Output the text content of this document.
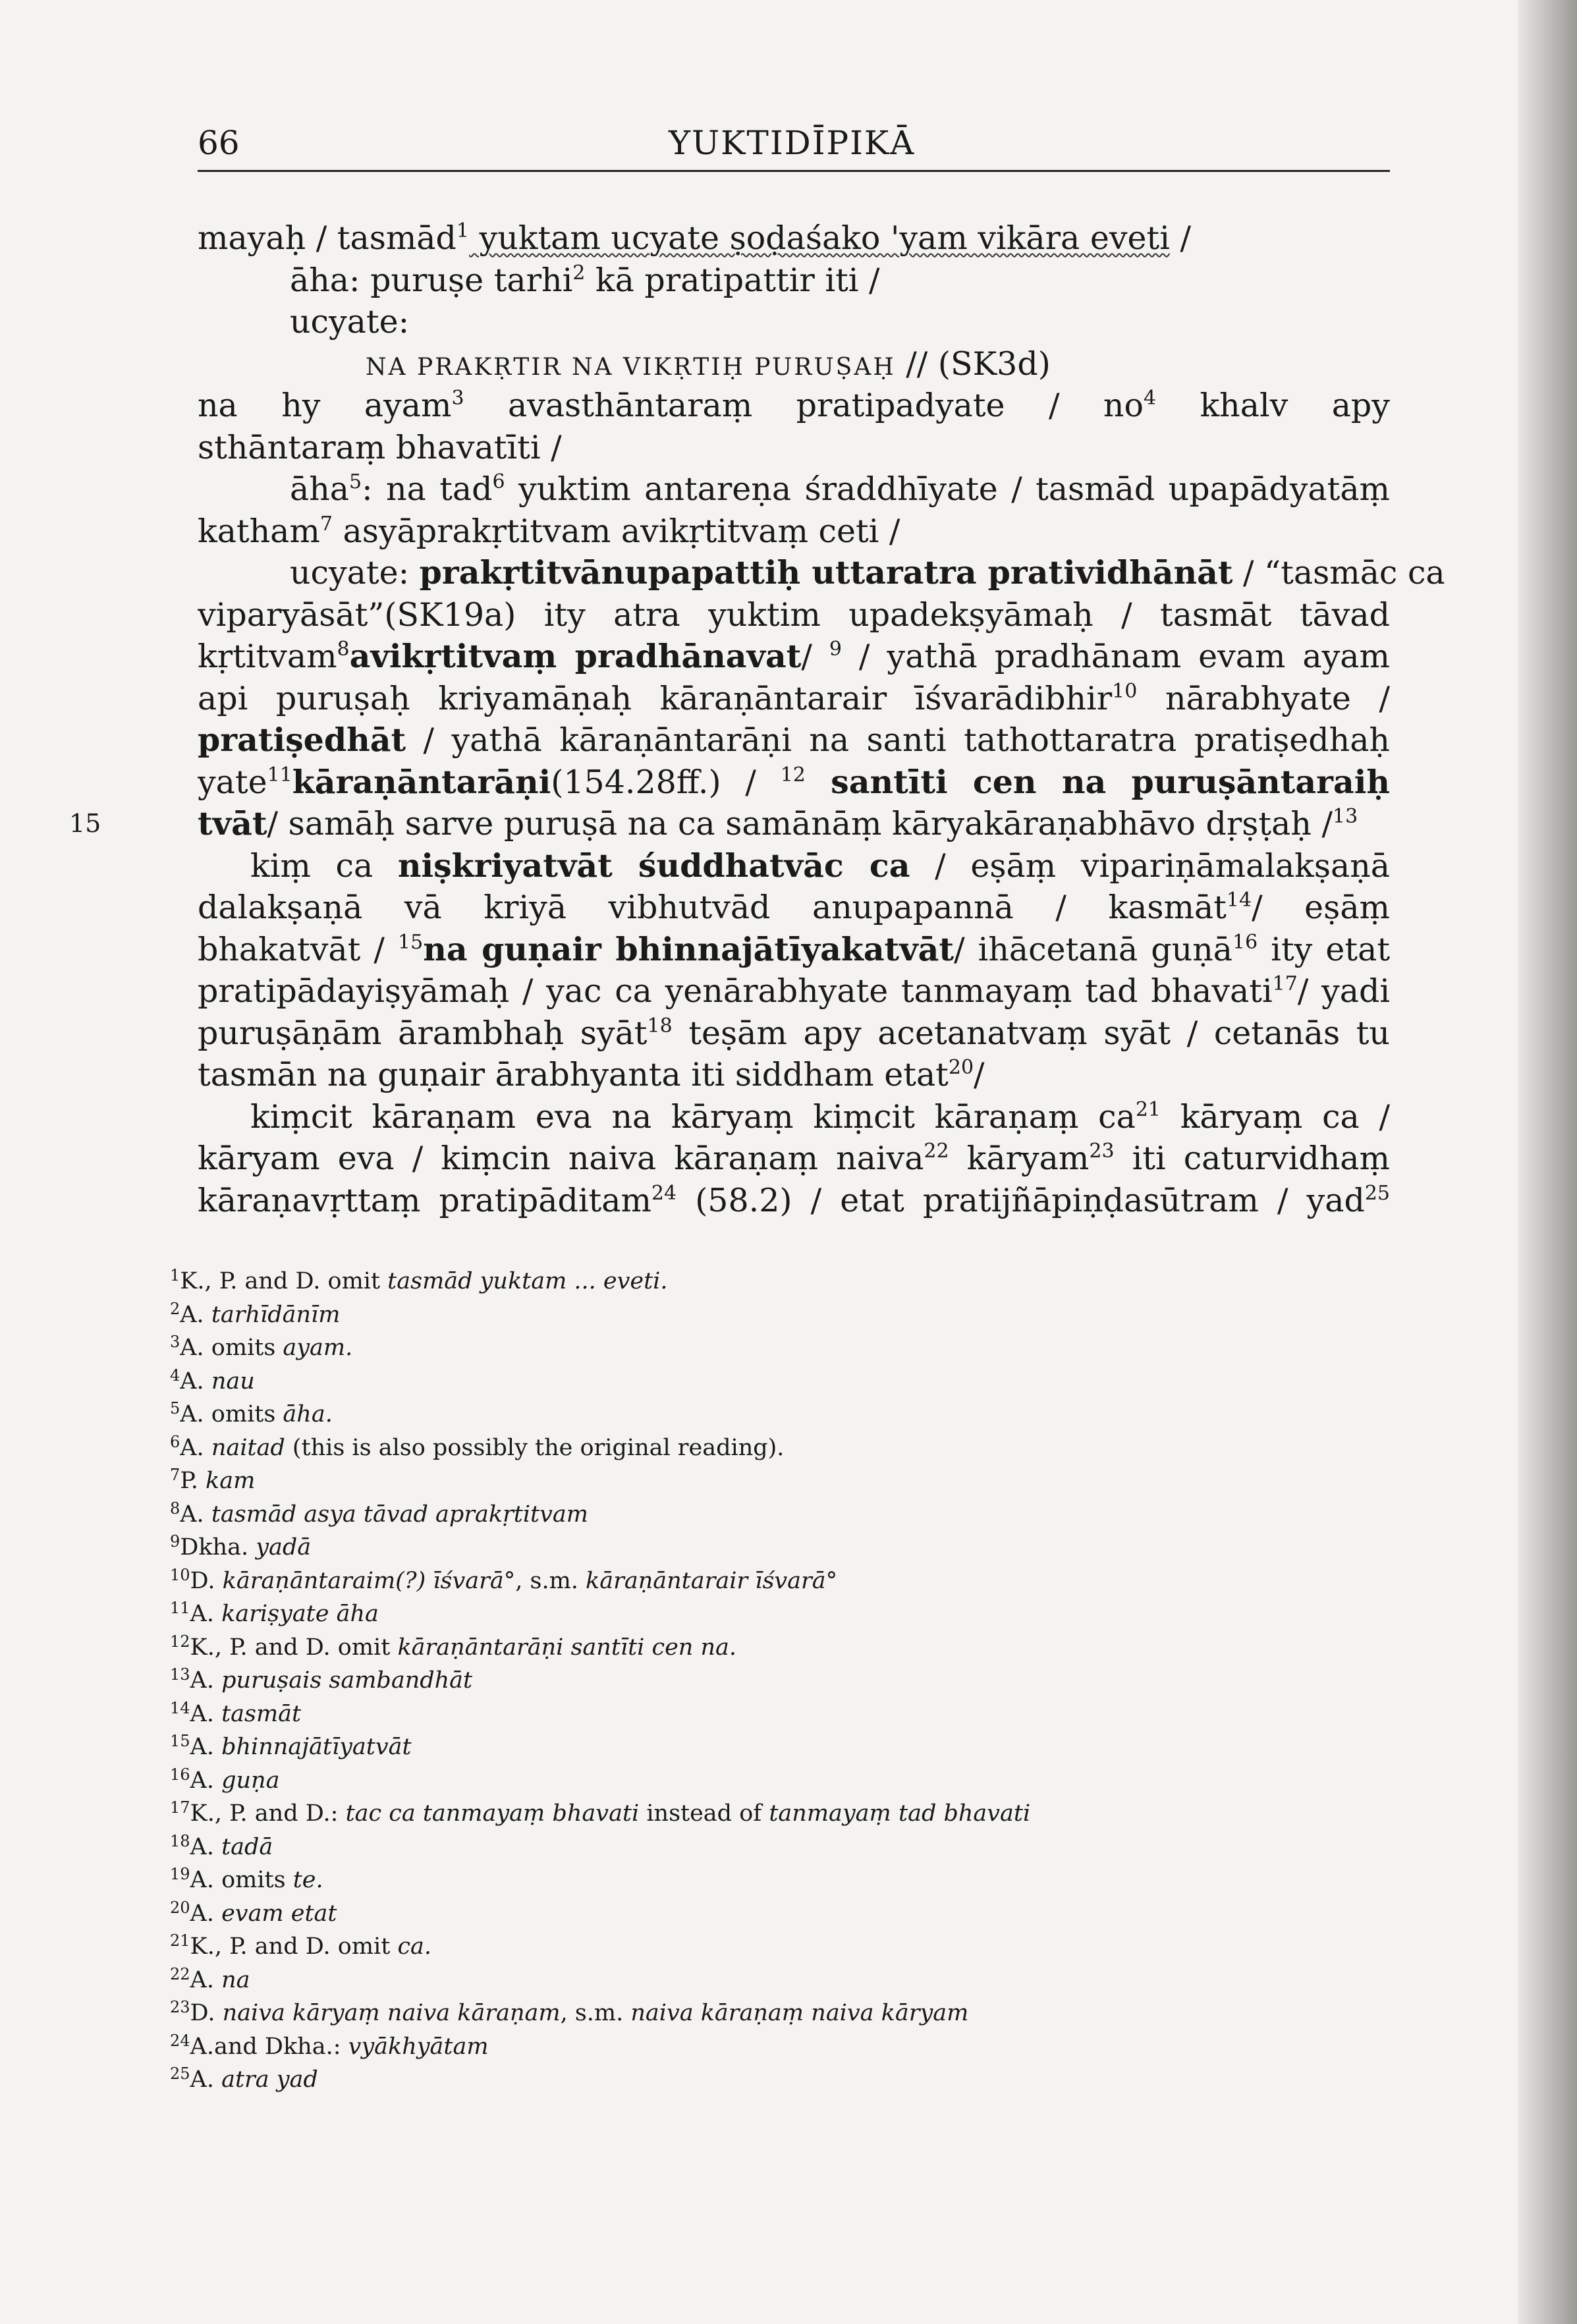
66	YUKTIDĪPIKĀ
mayaḥ / tasmād$^1$ yuktam ucyate ṣoḍaśako 'yam vikāra eveti /
āha: puruṣe tarhi$^2$ kā pratipattir iti /
ucyate:
NA PRAKṚTIR NA VIKṚTIḤ PURUṢAḤ // (SK3d)
na hy ayam$^3$ avasthāntaraṃ pratipadyate / $no^4$ khalv apy
sthāntaraṃ bhavatīti /
āha$^5$: na tad$^6$ yuktim antareṇa śraddhīyate / tasmād upapādyatāṃ
katham$^7$ asyāprakṛtitvam avikṛtitvaṃ ceti /
ucyate: prakṛtitvānupapattiḥ uttaratra pratividhānāt / “tasmāc ca
viparyāsāt”(SK19a) ity atra yuktim upadekṣyāmaḥ / tasmāt tāvad
kṛtitvam$^8$avikṛtitvaṃ pradhānavat/ $^9$ / yathā pradhānam evam ayam
api puruṣaḥ kriyamāṇaḥ kāraṇāntarair īśvarādibhir$^{10}$ nārabhyate /
pratiṣedhāt / yathā kāraṇāntarāṇi na santi tathottaratra pratiṣedhaḥ
yate$^{11}$kāraṇāntarāṇi(154.28ff.) / $^{12}$ santīti cen na puruṣāntaraiḥ
tvāt/ samāḥ sarve puruṣā na ca samānāṃ kāryakāraṇabhāvo dṛṣṭaḥ /$^{13}$
15
kiṃ ca niṣkriyatvāt śuddhatvāc ca / eṣāṃ vipariṇāmalakṣaṇā
dalakṣaṇā vā kriyā vibhutvād anupapannā / kasmāt$^{14}$/ eṣāṃ
bhakatvāt / $^{15}$na guṇair bhinnajātīyakatvāt/ ihācetanā guṇā$^{16}$ ity etat
pratipādayiṣyāmaḥ / yac ca yenārabhyate tanmayaṃ tad bhavati$^{17}$/ yadi
puruṣāṇām ārambhaḥ syāt$^{18}$ teṣām apy acetanatvaṃ syāt / cetanās tu
tasmān na guṇair ārabhyanta iti siddham etat$^{20}$/
kiṃcit kāraṇam eva na kāryaṃ kiṃcit kāraṇaṃ $ca^{21}$ kāryaṃ ca /
kāryam eva / kiṃcin naiva kāraṇaṃ naiva$^{22}$ kāryam$^{23}$ iti caturvidhaṃ
kāraṇavṛttaṃ pratipāditam$^{24}$ (58.2) / etat pratijñāpiṇḍasūtram / yad$^{25}$
$^1$K., P. and D. omit tasmād yuktam ... eveti.
$^2$A. tarhīdānīm
$^3$A. omits ayam.
$^4$A. nau
$^5$A. omits āha.
$^6$A. naitad (this is also possibly the original reading).
$^7$P. kam
$^8$A. tasmād asya tāvad aprakṛtitvam
$^9$Dkha. yadā
$^{10}$D. kāraṇāntaraim(?) īśvarā°, s.m. kāraṇāntarair īśvarā°
$^{11}$A. kariṣyate āha
$^{12}$K., P. and D. omit kāraṇāntarāṇi santīti cen na.
$^{13}$A. puruṣais sambandhāt
$^{14}$A. tasmāt
$^{15}$A. bhinnajātīyatvāt
$^{16}$A. guṇa
$^{17}$K., P. and D.: tac ca tanmayaṃ bhavati instead of tanmayaṃ tad bhavati
$^{18}$A. tadā
$^{19}$A. omits te.
$^{20}$A. evam etat
$^{21}$K., P. and D. omit ca.
$^{22}$A. na
$^{23}$D. naiva kāryaṃ naiva kāraṇam, s.m. naiva kāraṇaṃ naiva kāryam
$^{24}$A.and Dkha.: vyākhyātam
$^{25}$A. atra yad
